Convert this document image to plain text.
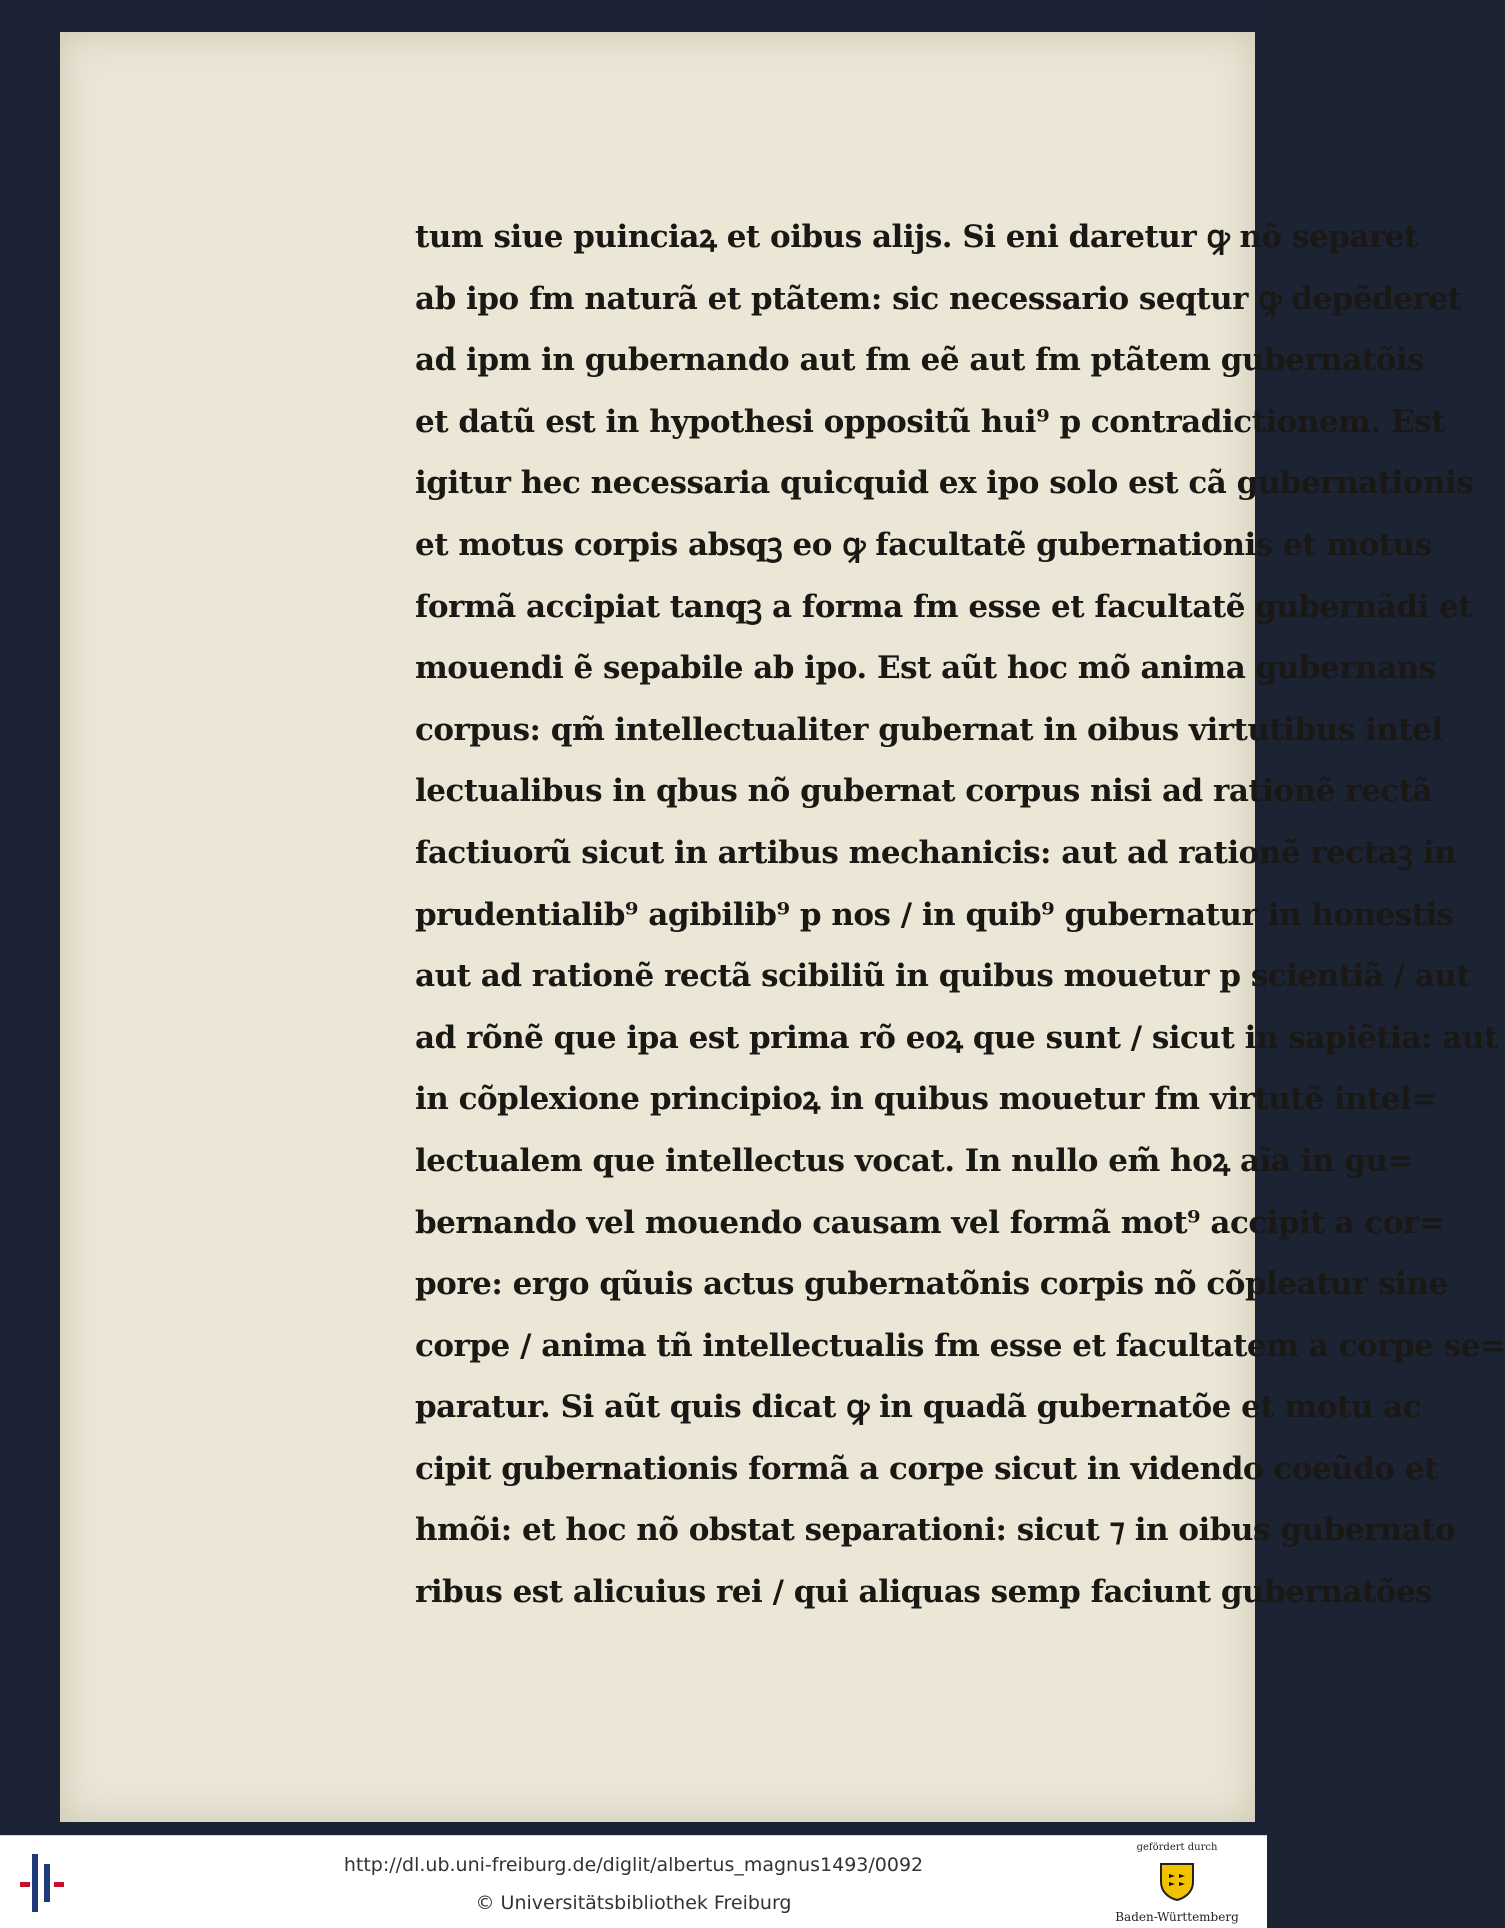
tum siue puinciaꝝ et oibus alijs. Si eni daretur ꝙ nõ separet
ab ipo fm naturã et ptãtem: sic necessario seqtur ꝙ depẽderet
ad ipm in gubernando aut fm eẽ aut fm ptãtem gubernatõis
et datũ est in hypothesi oppositũ hui⁹ p contradictionem. Est
igitur hec necessaria quicquid ex ipo solo est cã gubernationis
et motus corpis absqꝫ eo ꝙ facultatẽ gubernationis et motus
formã accipiat tanqꝫ a forma fm esse et facultatẽ gubernãdi et
mouendi ẽ sepabile ab ipo. Est aũt hoc mõ anima gubernans
corpus: qm̃ intellectualiter gubernat in oibus virtutibus intel
lectualibus in qbus nõ gubernat corpus nisi ad rationẽ rectã
factiuorũ sicut in artibus mechanicis: aut ad rationẽ rectaꝫ in
prudentialib⁹ agibilib⁹ p nos / in quib⁹ gubernatur in honestis
aut ad rationẽ rectã scibiliũ in quibus mouetur p scientiã / aut
ad rõnẽ que ipa est prima rõ eoꝝ que sunt / sicut in sapiẽtia: aut
in cõplexione principioꝝ in quibus mouetur fm virtutẽ intel=
lectualem que intellectus vocat. In nullo em̃ hoꝝ aĩa in gu=
bernando vel mouendo causam vel formã mot⁹ accipit a cor=
pore: ergo qũuis actus gubernatõnis corpis nõ cõpleatur sine
corpe / anima tñ intellectualis fm esse et facultatem a corpe se=
paratur. Si aũt quis dicat ꝙ in quadã gubernatõe et motu ac
cipit gubernationis formã a corpe sicut in videndo coeũdo et
hmõi: et hoc nõ obstat separationi: sicut ⁊ in oibus gubernato
ribus est alicuius rei / qui aliquas semp faciunt gubernatões
http://dl.ub.uni-freiburg.de/diglit/albertus_magnus1493/0092
© Universitätsbibliothek Freiburg
gefördert durch
Baden-Württemberg
